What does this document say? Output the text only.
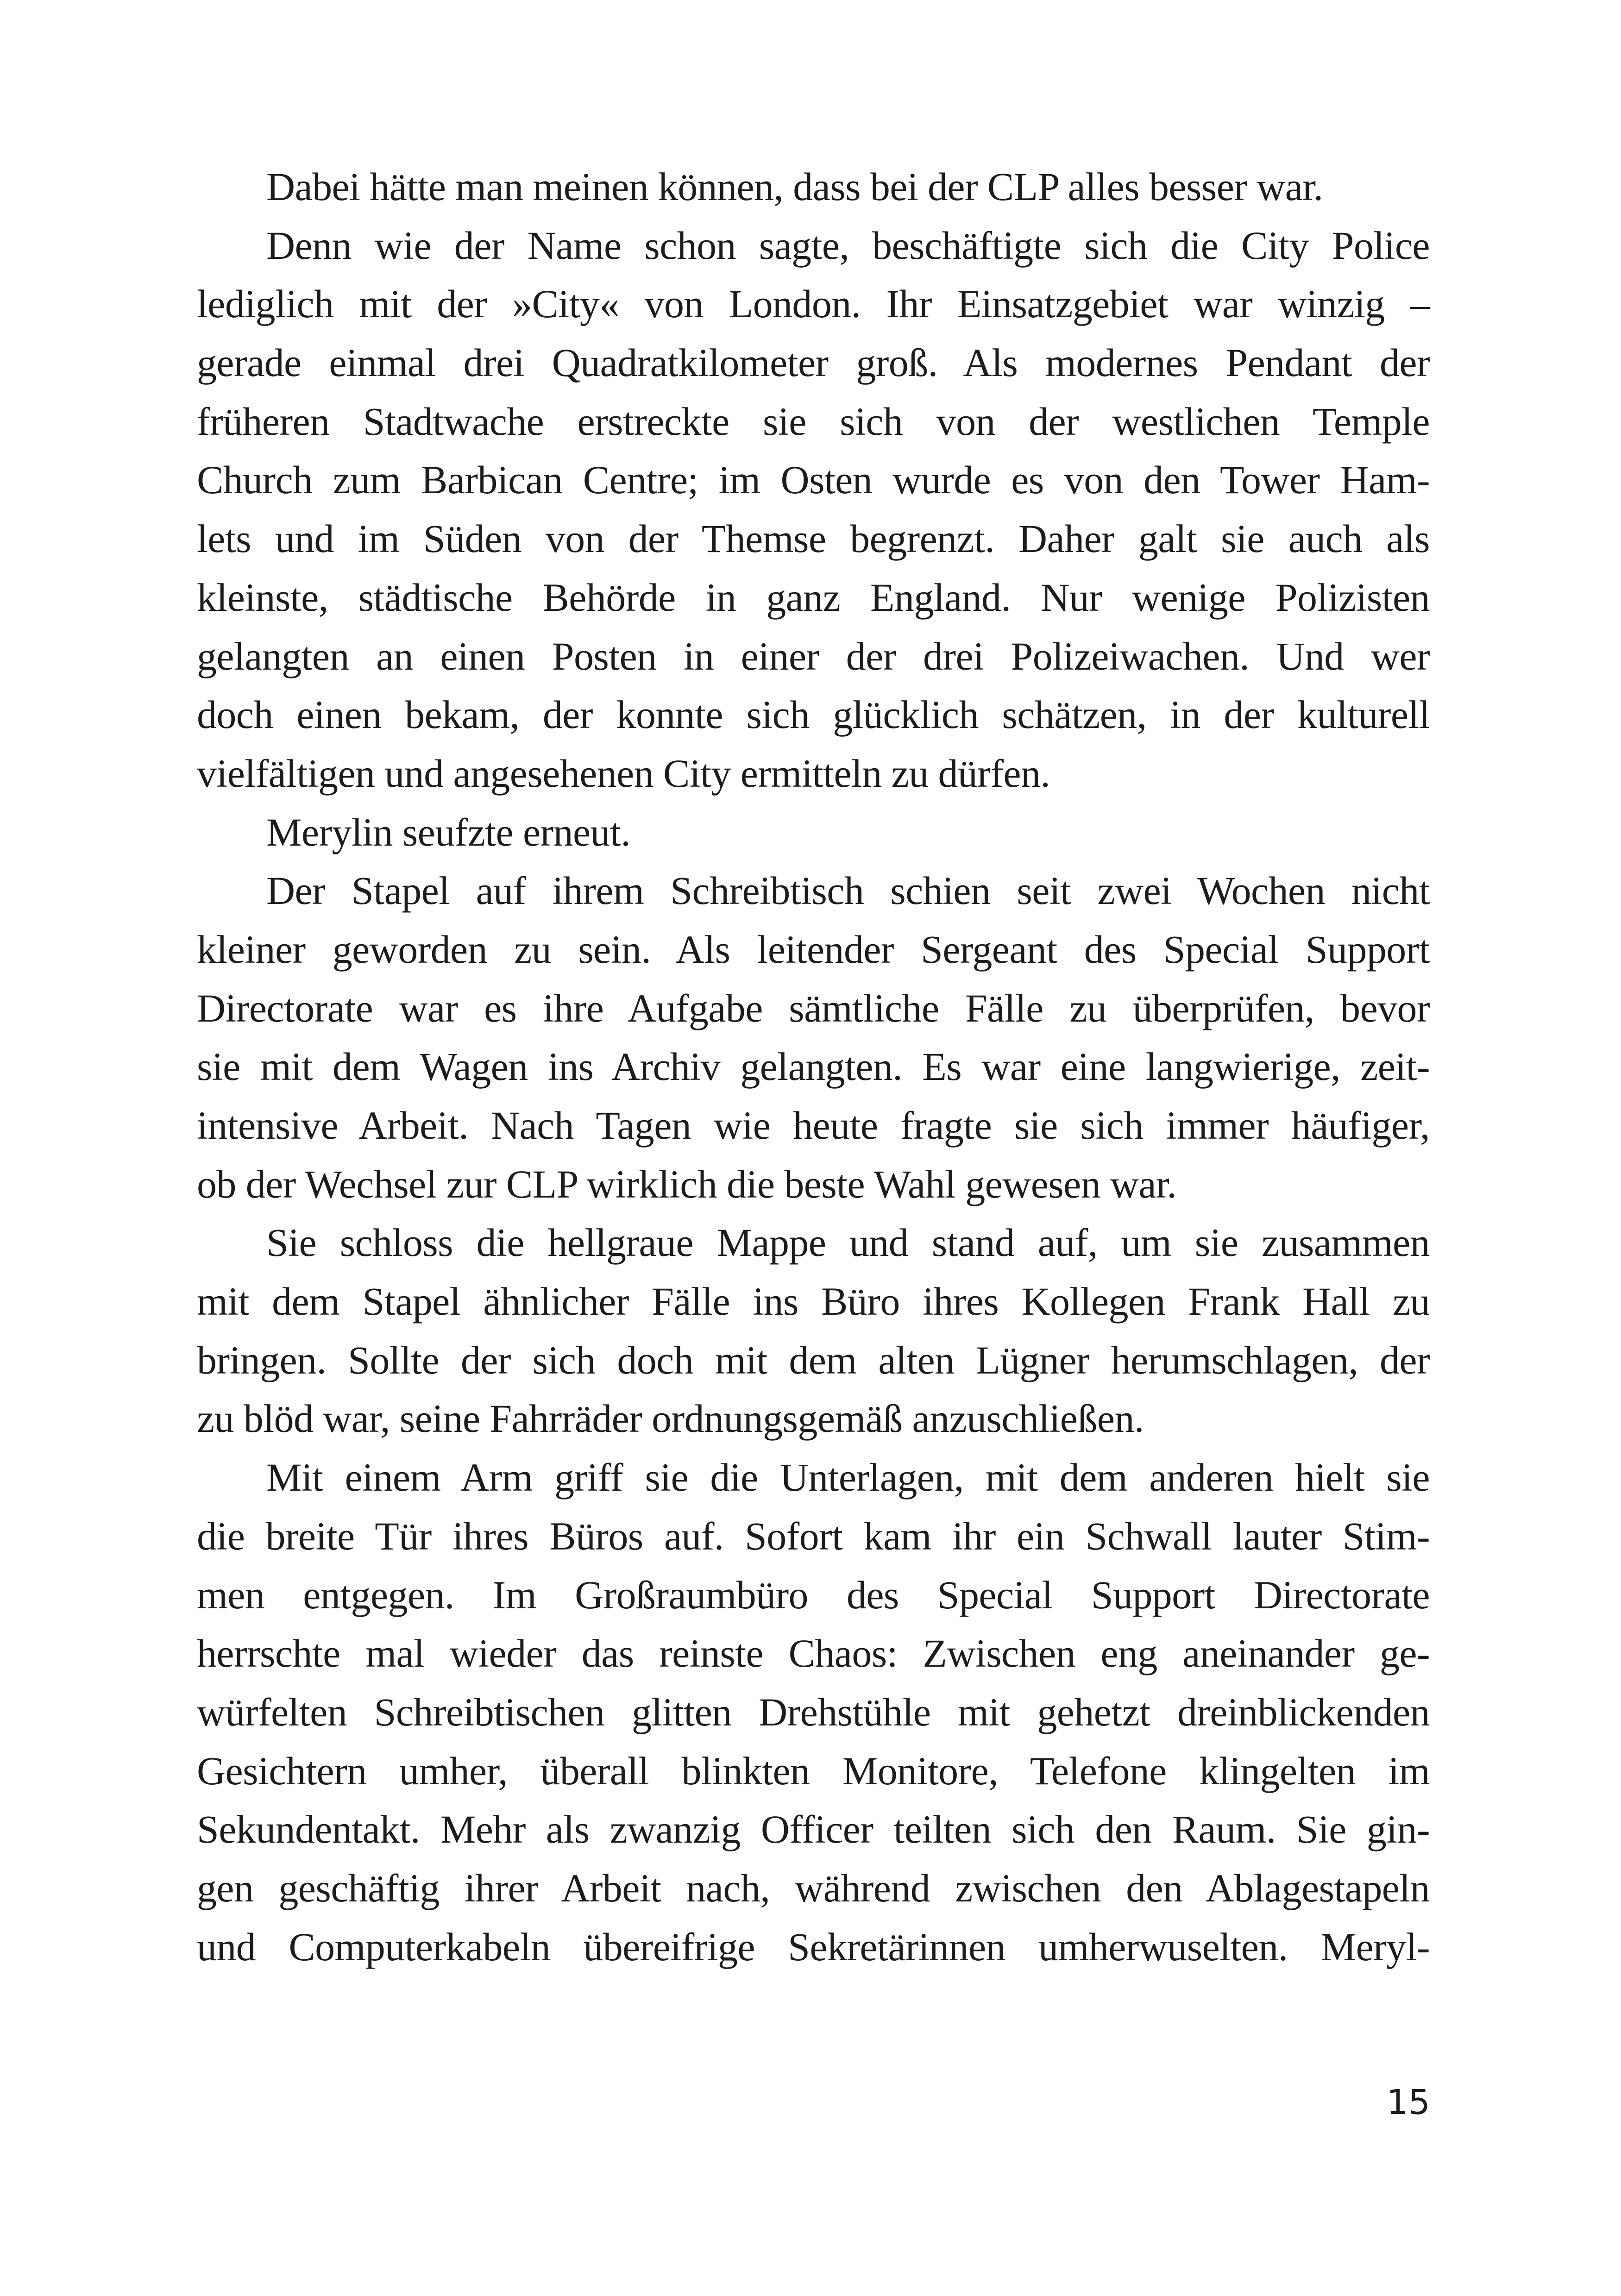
Dabei hätte man meinen können, dass bei der CLP alles besser war.
Denn wie der Name schon sagte, beschäftigte sich die City Police
lediglich mit der »City« von London. Ihr Einsatzgebiet war winzig –
gerade einmal drei Quadratkilometer groß. Als modernes Pendant der
früheren Stadtwache erstreckte sie sich von der westlichen Temple
Church zum Barbican Centre; im Osten wurde es von den Tower Ham-
lets und im Süden von der Themse begrenzt. Daher galt sie auch als
kleinste, städtische Behörde in ganz England. Nur wenige Polizisten
gelangten an einen Posten in einer der drei Polizeiwachen. Und wer
doch einen bekam, der konnte sich glücklich schätzen, in der kulturell
vielfältigen und angesehenen City ermitteln zu dürfen.
Merylin seufzte erneut.
Der Stapel auf ihrem Schreibtisch schien seit zwei Wochen nicht
kleiner geworden zu sein. Als leitender Sergeant des Special Support
Directorate war es ihre Aufgabe sämtliche Fälle zu überprüfen, bevor
sie mit dem Wagen ins Archiv gelangten. Es war eine langwierige, zeit-
intensive Arbeit. Nach Tagen wie heute fragte sie sich immer häufiger,
ob der Wechsel zur CLP wirklich die beste Wahl gewesen war.
Sie schloss die hellgraue Mappe und stand auf, um sie zusammen
mit dem Stapel ähnlicher Fälle ins Büro ihres Kollegen Frank Hall zu
bringen. Sollte der sich doch mit dem alten Lügner herumschlagen, der
zu blöd war, seine Fahrräder ordnungsgemäß anzuschließen.
Mit einem Arm griff sie die Unterlagen, mit dem anderen hielt sie
die breite Tür ihres Büros auf. Sofort kam ihr ein Schwall lauter Stim-
men entgegen. Im Großraumbüro des Special Support Directorate
herrschte mal wieder das reinste Chaos: Zwischen eng aneinander ge-
würfelten Schreibtischen glitten Drehstühle mit gehetzt dreinblickenden
Gesichtern umher, überall blinkten Monitore, Telefone klingelten im
Sekundentakt. Mehr als zwanzig Officer teilten sich den Raum. Sie gin-
gen geschäftig ihrer Arbeit nach, während zwischen den Ablagestapeln
und Computerkabeln übereifrige Sekretärinnen umherwuselten. Meryl-
15
